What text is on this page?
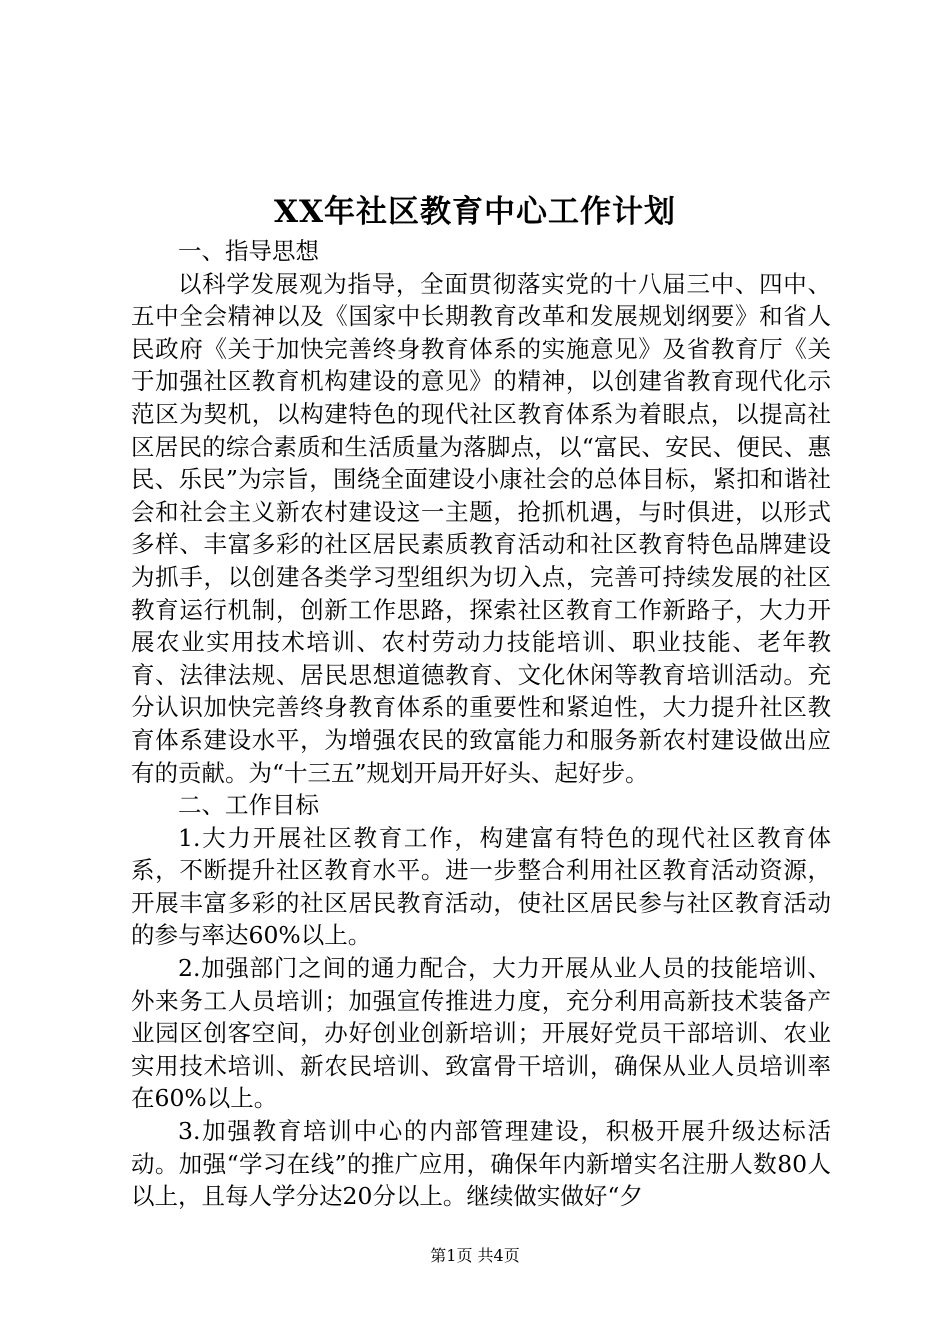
XX年社区教育中心工作计划

一、指导思想

以科学发展观为指导，全面贯彻落实党的十八届三中、四中、五中全会精神以及《国家中长期教育改革和发展规划纲要》和省人民政府《关于加快完善终身教育体系的实施意见》及省教育厅《关于加强社区教育机构建设的意见》的精神，以创建省教育现代化示范区为契机，以构建特色的现代社区教育体系为着眼点，以提高社区居民的综合素质和生活质量为落脚点，以“富民、安民、便民、惠民、乐民”为宗旨，围绕全面建设小康社会的总体目标，紧扣和谐社会和社会主义新农村建设这一主题，抢抓机遇，与时俱进，以形式多样、丰富多彩的社区居民素质教育活动和社区教育特色品牌建设为抓手，以创建各类学习型组织为切入点，完善可持续发展的社区教育运行机制，创新工作思路，探索社区教育工作新路子，大力开展农业实用技术培训、农村劳动力技能培训、职业技能、老年教育、法律法规、居民思想道德教育、文化休闲等教育培训活动。充分认识加快完善终身教育体系的重要性和紧迫性，大力提升社区教育体系建设水平，为增强农民的致富能力和服务新农村建设做出应有的贡献。为“十三五”规划开局开好头、起好步。

二、工作目标

1.大力开展社区教育工作，构建富有特色的现代社区教育体系，不断提升社区教育水平。进一步整合利用社区教育活动资源，开展丰富多彩的社区居民教育活动，使社区居民参与社区教育活动的参与率达60%以上。

2.加强部门之间的通力配合，大力开展从业人员的技能培训、外来务工人员培训；加强宣传推进力度，充分利用高新技术装备产业园区创客空间，办好创业创新培训；开展好党员干部培训、农业实用技术培训、新农民培训、致富骨干培训，确保从业人员培训率在60%以上。

3.加强教育培训中心的内部管理建设，积极开展升级达标活动。加强“学习在线”的推广应用，确保年内新增实名注册人数80人以上，且每人学分达20分以上。继续做实做好“夕

第1页 共4页
